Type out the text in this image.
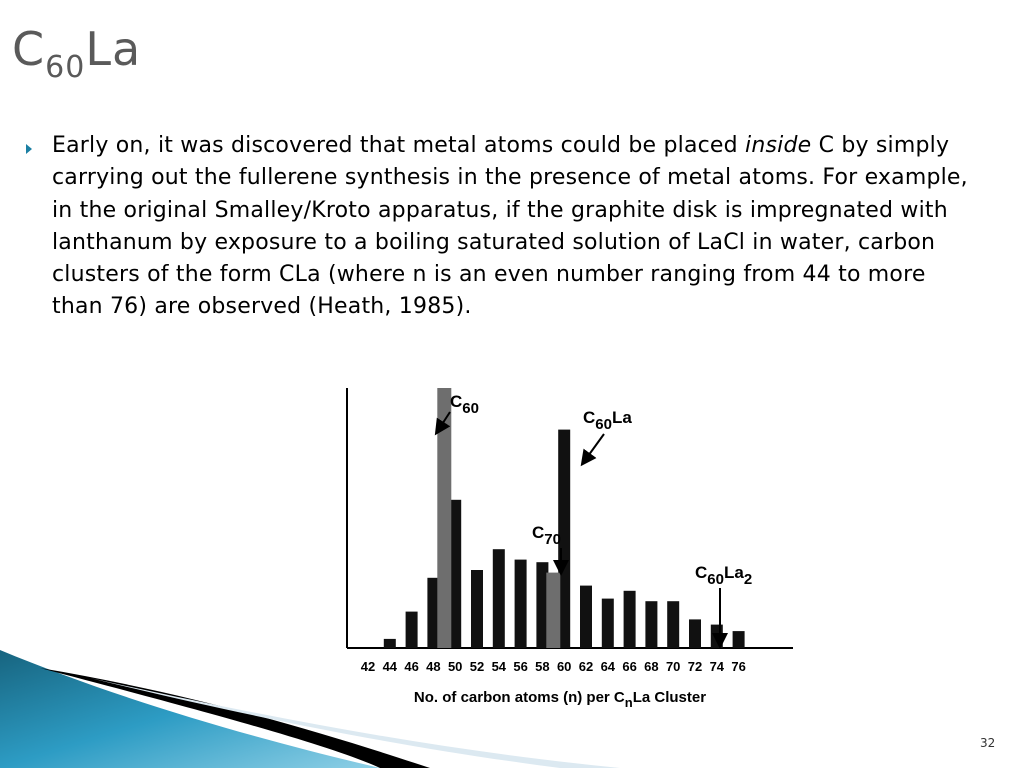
$C_{60}La$
Early on, it was discovered that metal atoms could be placed inside C by simply carrying out the fullerene synthesis in the presence of metal atoms. For example, in the original Smalley/Kroto apparatus, if the graphite disk is impregnated with lanthanum by exposure to a boiling saturated solution of LaCl in water, carbon clusters of the form CLa (where n is an even number ranging from 44 to more than 76) are observed (Heath, 1985).
42 44 46 48 50 52 54 56 58 60 62 64 66 68 70 72 74 76
No. of carbon atoms (n) per CnLa Cluster
C60	C60La
C70
C60La2
32
